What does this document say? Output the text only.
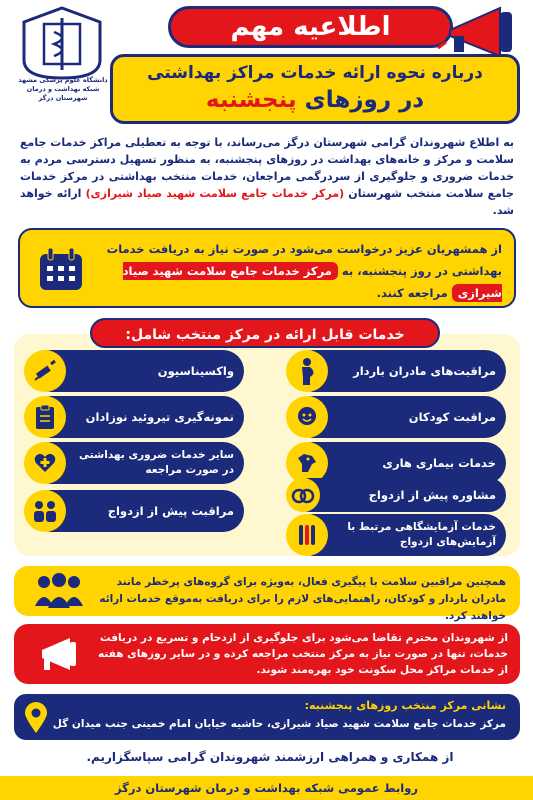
دانشگاه علوم پزشکی مشهد
شبکه بهداشت و درمان شهرستان درگز
اطلاعیه مهم
درباره نحوه ارائه خدمات مراکز بهداشتی
در روزهای پنجشنبه
به اطلاع شهروندان گرامی شهرستان درگز می‌رساند، با توجه به تعطیلی مراکز خدمات جامع سلامت و مرکز و خانه‌های بهداشت در روزهای پنجشنبه، به منظور تسهیل دسترسی مردم به خدمات ضروری و جلوگیری از سردرگمی مراجعان، خدمات منتخب بهداشتی در مرکز خدمات جامع سلامت منتخب شهرستان (مرکز خدمات جامع سلامت شهید صیاد شیرازی) ارائه خواهد شد.
از همشهریان عزیز درخواست می‌شود در صورت نیاز به دریافت خدمات بهداشتی در روز پنجشنبه، به مرکز خدمات جامع سلامت شهید صیاد شیرازی مراجعه کنند.
خدمات قابل ارائه در مرکز منتخب شامل:
مراقبت‌های مادران باردار
مراقبت کودکان
خدمات بیماری هاری
مشاوره پیش از ازدواج
خدمات آزمایشگاهی مرتبط با آزمایش‌های ازدواج
واکسیناسیون
نمونه‌گیری تیروئید نوزادان
سایر خدمات ضروری بهداشتی در صورت مراجعه
مراقبت پیش از ازدواج
همچنین مراقبین سلامت با پیگیری فعال، به‌ویژه برای گروه‌های پرخطر مانند مادران باردار و کودکان، راهنمایی‌های لازم را برای دریافت به‌موقع خدمات ارائه خواهند کرد.
از شهروندان محترم تقاضا می‌شود برای جلوگیری از ازدحام و تسریع در دریافت خدمات، تنها در صورت نیاز به مرکز منتخب مراجعه کرده و در سایر روزهای هفته از خدمات مراکز محل سکونت خود بهره‌مند شوند.
نشانی مرکز منتخب روزهای پنجشنبه:
مرکز خدمات جامع سلامت شهید صیاد شیرازی، حاشیه خیابان امام خمینی جنب میدان گل
از همکاری و همراهی ارزشمند شهروندان گرامی سپاسگزاریم.
روابط عمومی شبکه بهداشت و درمان شهرستان درگز
